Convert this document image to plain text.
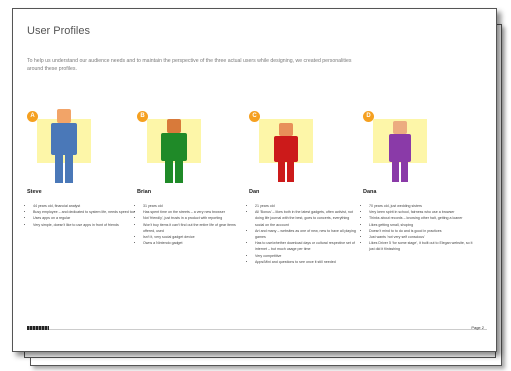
User Profiles

To help us understand our audience needs and to maintain the perspective of the three actual users while designing, we created personalities around these profiles.

A
Steve
• 44 years old, financial analyst
• Busy employee – and dedicated to system life, needs speed too
• Uses apps on a regular
• Very simple, doesn't like to use apps in front of friends
B
Brian
• 31 years old
• Has spent time on the streets – a very new browser
• Not 'friendly', just trusts in a product with reporting
• Won't buy items it can't find out the entire life of gear items offered, used
• Isn't it, very social gadget device
• Owns a Nintendo gadget
C
Dan
• 21 years old
• All 'Bonus' – likes both in the latest gadgets, often activist, not doing life journal with the best, goes to concerts, everything social on the account
• Art and many – websites as one of new, new to have all playing games
• Has to use/whether download days or cultural respective set of internet – but much usage per time
• Very competitive
• Apps/Mini and questions to see once it still needed
D
Dana
• 70 years old, just wedding sisters
• Very keen spirit in school, fairness who use a browser
• Thinks about records – knowing other halt, getting a loaner
• Likes getting small, shoping
• Doesn't mind to to do and is good in practices
• Just wants 'not very self conscious'
• Likes Driver 5 'for some stage', it built out to Elegan website, so it just did it fiinisshing
Page 2
